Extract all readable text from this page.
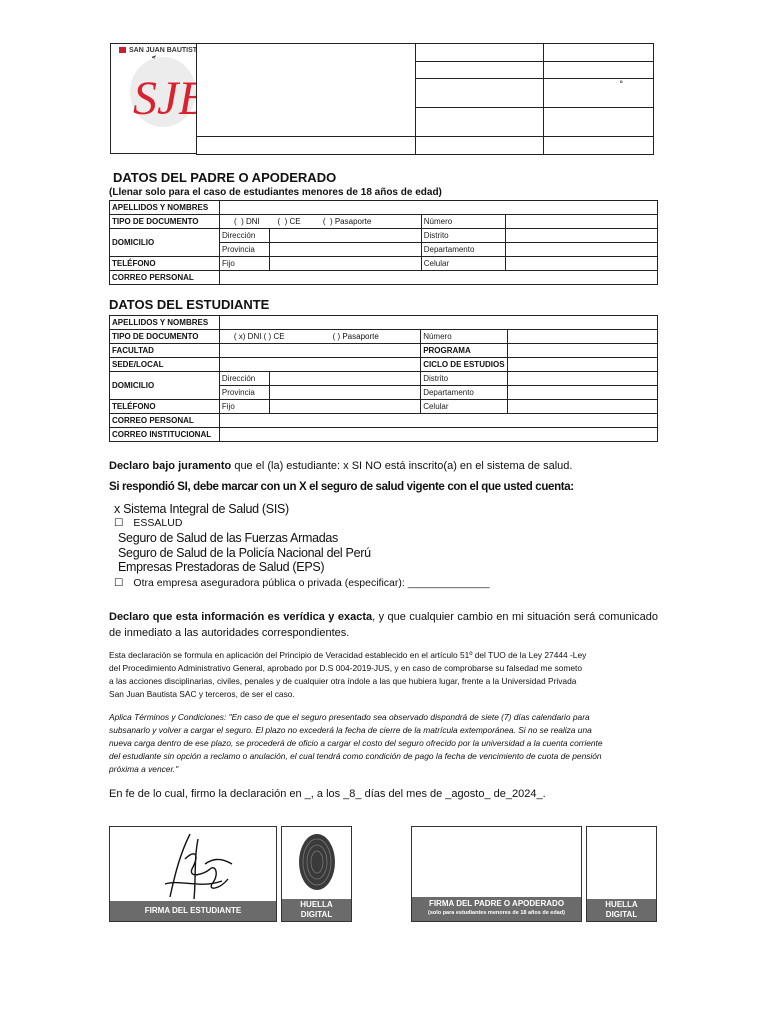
SAN JUAN BAUTISTA
SJ

		°

DATOS DEL PADRE O APODERADO
(Llenar solo para el caso de estudiantes menores de 18 años de edad)
APELLIDOS Y NOMBRES				
TIPO DE DOCUMENTO	(  ) DNI        (  ) CE          (  ) Pasaporte		Número	
DOMICILIO	Dirección		Distrito	
	Provincia		Departamento	
TELÉFONO	Fijo		Celular	
CORREO PERSONAL				
DATOS DEL ESTUDIANTE
APELLIDOS Y NOMBRES				
TIPO DE DOCUMENTO	( x) DNI ( ) CE ( ) Pasaporte		Número	
FACULTAD			PROGRAMA	
SEDE/LOCAL			CICLO DE ESTUDIOS	
DOMICILIO	Dirección		Distrito	
	Provincia		Departamento	
TELÉFONO	Fijo		Celular	
CORREO PERSONAL				
CORREO INSTITUCIONAL				
Declaro bajo juramento que el (la) estudiante: x SI NO está inscrito(a) en el sistema de salud.
Si respondió SI, debe marcar con un X el seguro de salud vigente con el que usted cuenta:
x Sistema Integral de Salud (SIS)
☐ ESSALUD
Seguro de Salud de las Fuerzas Armadas
Seguro de Salud de la Policía Nacional del Perú
Empresas Prestadoras de Salud (EPS)
☐ Otra empresa aseguradora pública o privada (especificar): ______________
Declaro que esta información es verídica y exacta, y que cualquier cambio en mi situación será comunicado de inmediato a las autoridades correspondientes.
Esta declaración se formula en aplicación del Principio de Veracidad establecido en el artículo 51º del TUO de la Ley 27444 -Ley
del Procedimiento Administrativo General, aprobado por D.S 004-2019-JUS, y en caso de comprobarse su falsedad me someto
a las acciones disciplinarias, civiles, penales y de cualquier otra índole a las que hubiera lugar, frente a la Universidad Privada
San Juan Bautista SAC y terceros, de ser el caso.
Aplica Términos y Condiciones: "En caso de que el seguro presentado sea observado dispondrá de siete (7) días calendario para
subsanarlo y volver a cargar el seguro. El plazo no excederá la fecha de cierre de la matrícula extemporánea. Si no se realiza una
nueva carga dentro de ese plazo, se procederá de oficio a cargar el costo del seguro ofrecido por la universidad a la cuenta corriente
del estudiante sin opción a reclamo o anulación, el cual tendrá como condición de pago la fecha de vencimiento de cuota de pensión
próxima a vencer."
En fe de lo cual, firmo la declaración en _, a los _8_ días del mes de _agosto_ de_2024_.
FIRMA DEL ESTUDIANTE
HUELLA
DIGITAL
FIRMA DEL PADRE O APODERADO
(solo para estudiantes menores de 18 años de edad)
HUELLA
DIGITAL
